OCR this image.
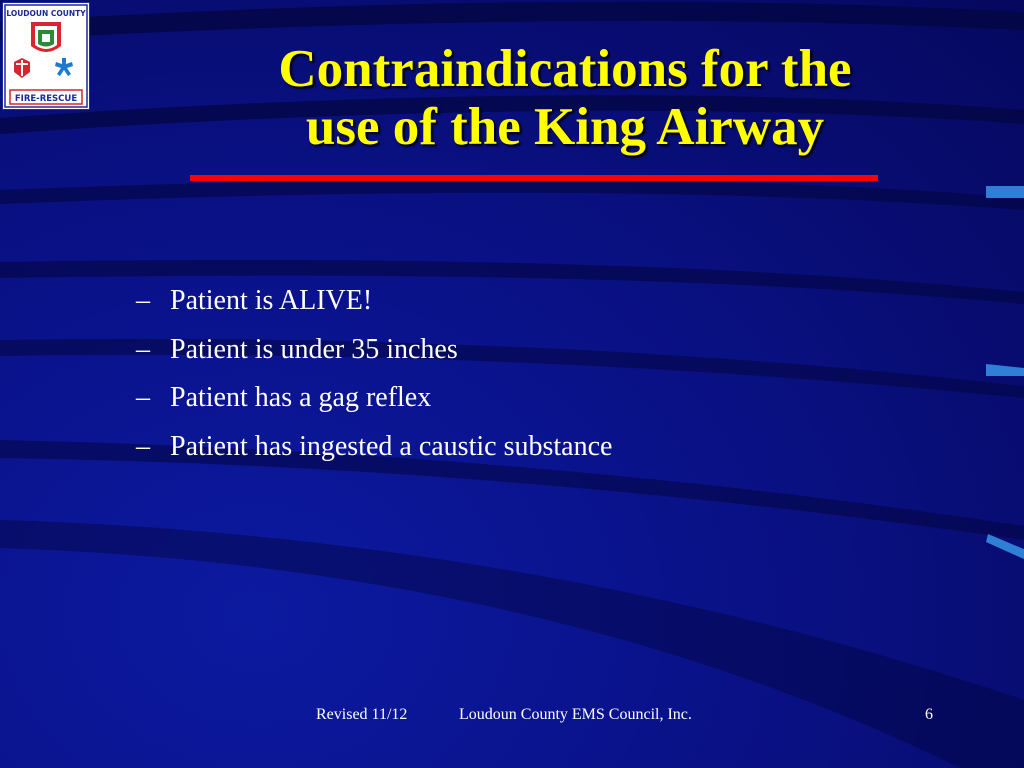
LOUDOUN COUNTY
FIRE-RESCUE
Contraindications for the
use of the King Airway
– Patient is ALIVE!
– Patient is under 35 inches
– Patient has a gag reflex
– Patient has ingested a caustic substance
Revised 11/12	Loudoun County EMS Council, Inc.	6
